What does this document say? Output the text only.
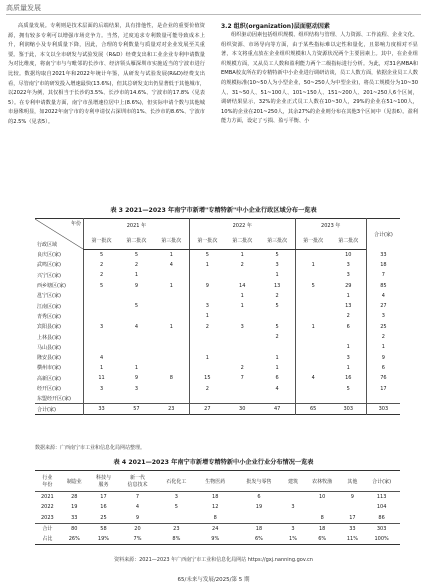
高质量发展

高质量发展。专利则是技术层面的后端结果，具有排他性，是企业的重要价值资源，拥有较多专利可以增强市场竞争力。当然，过度追求专利数量可能导致成本上升，利润缩小及专利质量下降，因此，合理的专利数量与质量对对企业发展至关重要。鉴于此，本文以全市研发与试验发展（R&D）经费支出和工业企业专利申请数量为对比维度，将南宁市与与毗邻的长沙市、经济领头雁深圳市实施适当的宁波市进行比较。数据均取自2021年和2022年统计年鉴，从研发与试验发展(R&D)经费支出看，尽管南宁市的研发投入增速最快(13.6%)，但其总研发支出仍显著低于其他城市，以2022年为例，其仅相当于长沙的3.5%、长沙市的14.6%、宁波市的17.8%（见表5）。在专利申请数量方面，南宁市虽增速位居中上(8.6%)，但实际申请个数与其他城市悬殊明显，如2022年南宁市的专利申请仅占深圳市的1%、长沙市的8.6%、宁波市的2.5%（见表5）。

3.2 组织(organization)层面驱动因素

组织驱动因素包括组织规模、组织结构与管理、人力资源、工作流程、企业文化、组织资源、市场导向等方面，由于某些指标难以定性和量化，且影响力度相对不显著，本文将重点放在企业组织规模和人力资源状况两个主要因素上。其中，在企业组织规模方面，又从员工人数和盈利能力两个二级指标进行分析。为此，对31名MBA和EMBA校友所在的专精特新中小企业进行调研访谈，员工人数方面，依据企业员工人数的规模标准(10~50人为小型企业，50~250人为中型企业)，将员工规模分为10~30人、31~50人、51~100人、101~150人、151~200人、201~250人6个区间，调研结果显示，32%的企业正式员工人数在10~30人，29%的企业在51~100人，10%的企业在201~250人，其余27%的企业则分布在其他3个区间中（见表6）。盈利能力方面，设定了亏损、盈亏平衡、小

表 3 2021—2023 年南宁市新增"专精特新"中小企业行政区域分布一览表
年份
行政区域	2021 年			2022 年			2023 年		合计(家)
	第一批次	第二批次	第三批次	第一批次	第二批次	第三批次	第一批次	第二批次	
良庆区(家)	5	5	1	5	1	5		10	33
武鸣区(家)	2	2	4	1	2	3	1	3	18
兴宁区(家)	2	1				1		3	7
西乡塘区(家)	5	9	1	9	14	13	5	29	85
邕宁区(家)					1	2		1	4
江南区(家)		5		3	1	5		13	27
青秀区(家)				1				2	3
宾阳县(家)	3	4	1	2	3	5	1	6	25
上林县(家)						2			2
马山县(家)								1	1
隆安县(家)	4			1		1		3	9
横州市(家)	1	1			2	1		1	6
高新区(家)	11	9	8	15	7	6	4	16	76
经开区(家)	3	3		2		4		5	17
东盟经开区(家)									
合计(家)	33	57	23	27	30	47	65	303	303
数据来源：广西南宁市工业和信息化局网站整理。
表 4 2021—2023 年南宁市新增专精特新中小企业行业分布情况一览表
行业
年份	制造业	科技与
服务	新一代
信息技术	石化化工	生物医药	批发与零售	建筑	农林牧渔	其他	合计(家)
2021	28	17	7	3	18	6		10	9	113
2022	19	16	4	5	12	19	3			104
2023	33	25	9		8			8	17	86
合计	80	58	20	23	24	18	3	18	33	303
占比	26%	19%	7%	8%	9%	6%	1%	6%	11%	100%
资料来源：2021—2023 年广西南宁市工业和信息化局网站 https://gxj.nanning.gov.cn
65/未来与发展/2025/第 5 期
